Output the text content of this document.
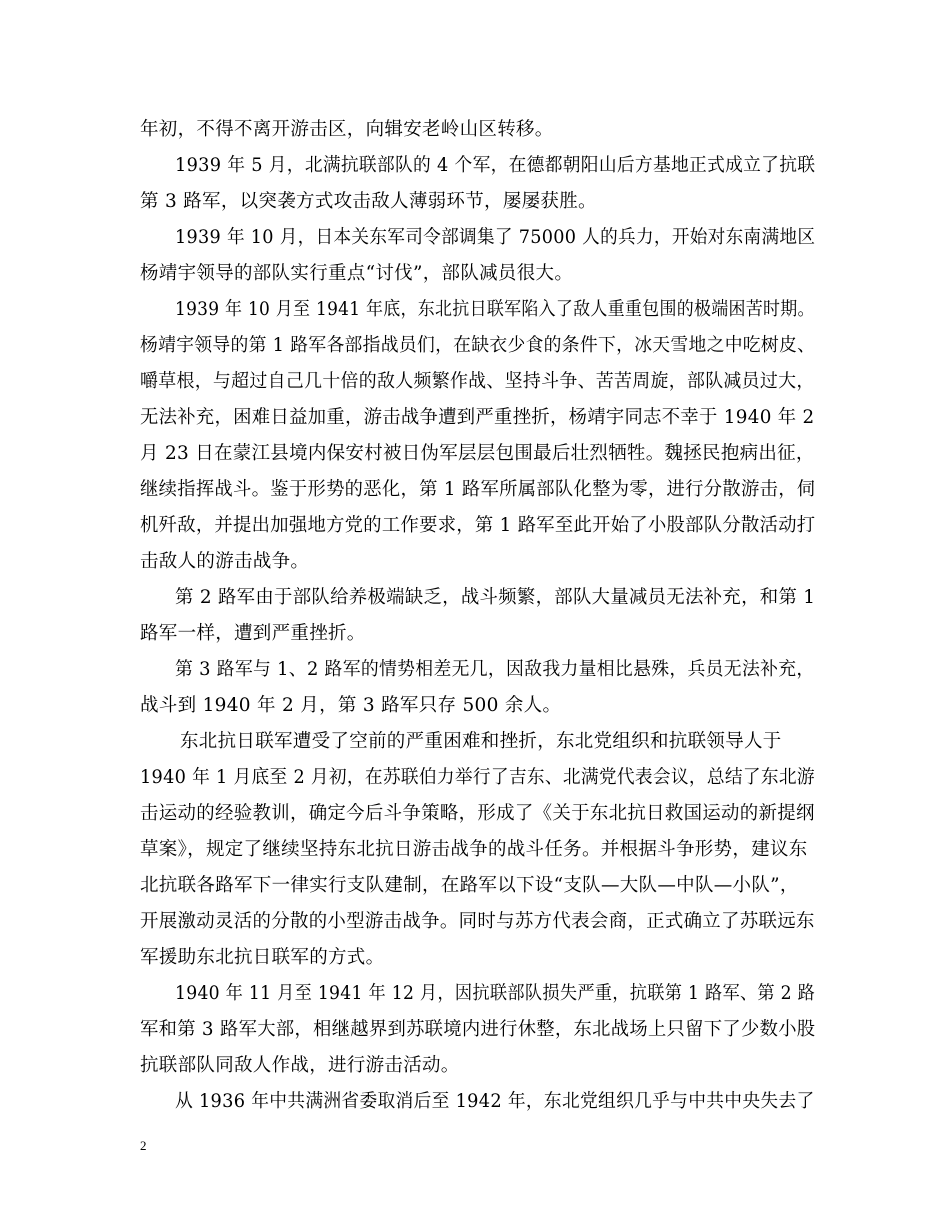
年初，不得不离开游击区，向辑安老岭山区转移。
1939 年 5 月，北满抗联部队的 4 个军，在德都朝阳山后方基地正式成立了抗联
第 3 路军，以突袭方式攻击敌人薄弱环节，屡屡获胜。
1939 年 10 月，日本关东军司令部调集了 75000 人的兵力，开始对东南满地区
杨靖宇领导的部队实行重点“讨伐”，部队减员很大。
1939 年 10 月至 1941 年底，东北抗日联军陷入了敌人重重包围的极端困苦时期。
杨靖宇领导的第 1 路军各部指战员们，在缺衣少食的条件下，冰天雪地之中吃树皮、
嚼草根，与超过自己几十倍的敌人频繁作战、坚持斗争、苦苦周旋，部队减员过大，
无法补充，困难日益加重，游击战争遭到严重挫折，杨靖宇同志不幸于 1940 年 2
月 23 日在蒙江县境内保安村被日伪军层层包围最后壮烈牺牲。魏拯民抱病出征，
继续指挥战斗。鉴于形势的恶化，第 1 路军所属部队化整为零，进行分散游击，伺
机歼敌，并提出加强地方党的工作要求，第 1 路军至此开始了小股部队分散活动打
击敌人的游击战争。
第 2 路军由于部队给养极端缺乏，战斗频繁，部队大量减员无法补充，和第 1
路军一样，遭到严重挫折。
第 3 路军与 1、2 路军的情势相差无几，因敌我力量相比悬殊，兵员无法补充，
战斗到 1940 年 2 月，第 3 路军只存 500 余人。
东北抗日联军遭受了空前的严重困难和挫折，东北党组织和抗联领导人于
1940 年 1 月底至 2 月初，在苏联伯力举行了吉东、北满党代表会议，总结了东北游
击运动的经验教训，确定今后斗争策略，形成了《关于东北抗日救国运动的新提纲
草案》，规定了继续坚持东北抗日游击战争的战斗任务。并根据斗争形势，建议东
北抗联各路军下一律实行支队建制，在路军以下设“支队—大队—中队—小队”，
开展激动灵活的分散的小型游击战争。同时与苏方代表会商，正式确立了苏联远东
军援助东北抗日联军的方式。
1940 年 11 月至 1941 年 12 月，因抗联部队损失严重，抗联第 1 路军、第 2 路
军和第 3 路军大部，相继越界到苏联境内进行休整，东北战场上只留下了少数小股
抗联部队同敌人作战，进行游击活动。
从 1936 年中共满洲省委取消后至 1942 年，东北党组织几乎与中共中央失去了
2
